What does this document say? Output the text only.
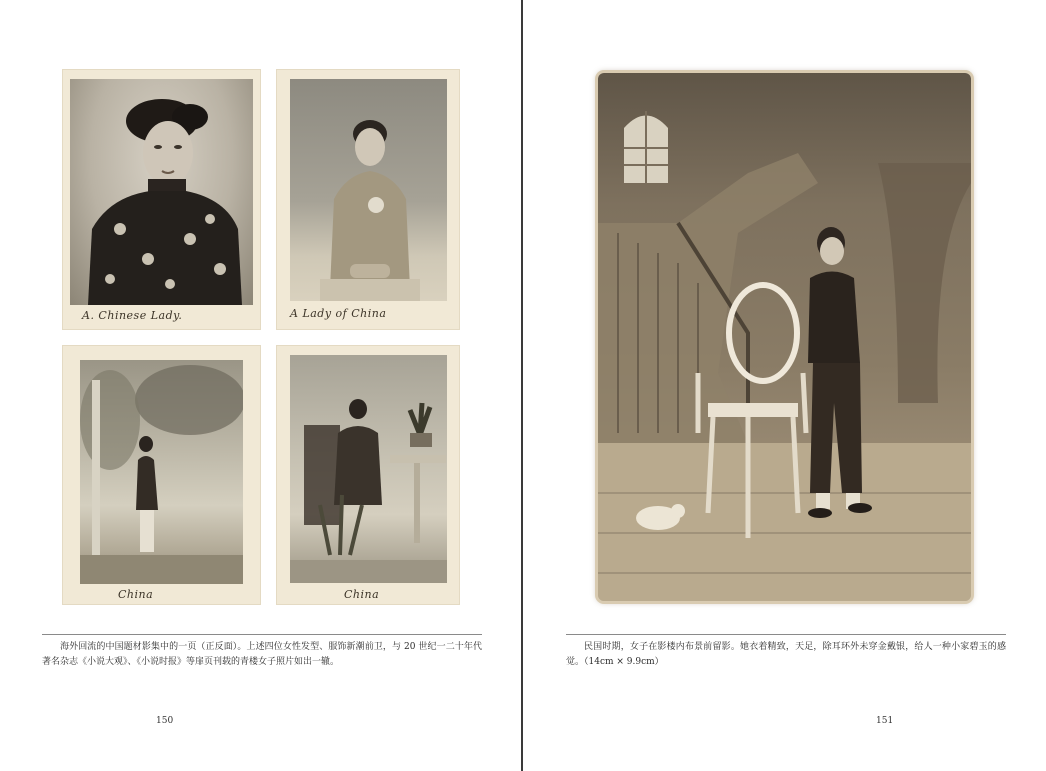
A. Chinese Lady.	A Lady of China
China	China

海外回流的中国题材影集中的一页（正反面）。上述四位女性发型、服饰新潮前卫，与 20 世纪一二十年代著名杂志《小说大观》、《小说时报》等扉页刊载的青楼女子照片如出一辙。

民国时期，女子在影楼内布景前留影。她衣着精致，天足，除耳环外未穿金戴银，给人一种小家碧玉的感觉。（14cm × 9.9cm）

150	151
